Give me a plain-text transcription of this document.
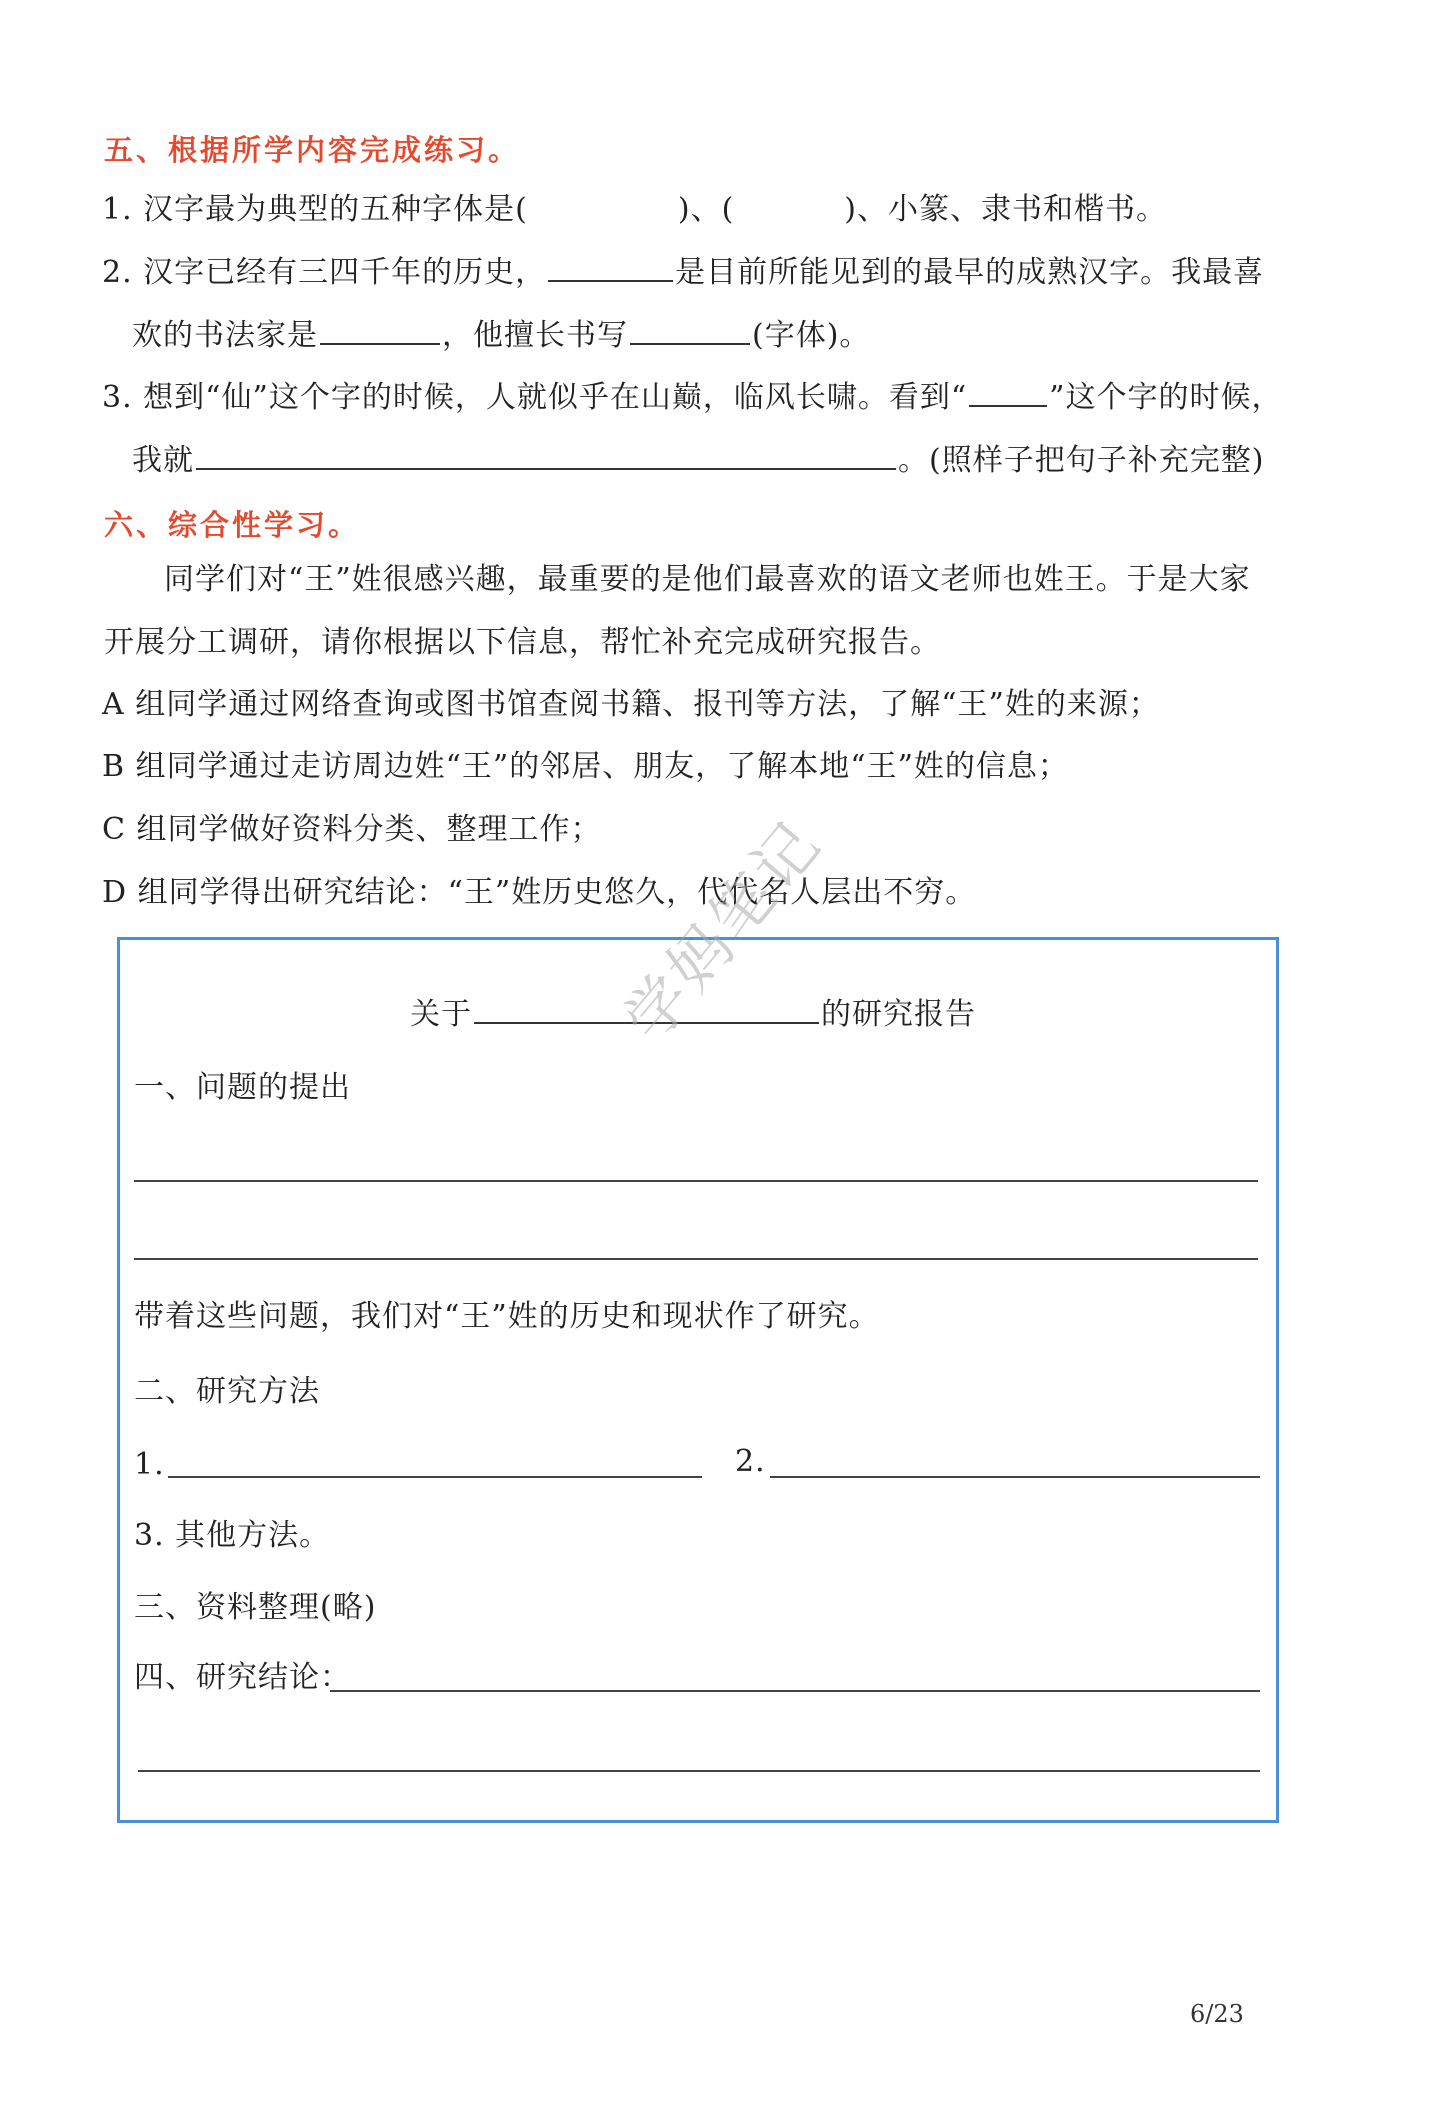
五、根据所学内容完成练习。
1. 汉字最为典型的五种字体是(	)、(	)、小篆、隶书和楷书。
2. 汉字已经有三四千年的历史，	是目前所能见到的最早的成熟汉字。我最喜
欢的书法家是	，他擅长书写	(字体)。
3. 想到“仙”这个字的时候，人就似乎在山巅，临风长啸。看到“	”这个字的时候，
我就	。(照样子把句子补充完整)
六、综合性学习。
同学们对“王”姓很感兴趣，最重要的是他们最喜欢的语文老师也姓王。于是大家
开展分工调研，请你根据以下信息，帮忙补充完成研究报告。
A 组同学通过网络查询或图书馆查阅书籍、报刊等方法，了解“王”姓的来源；
B 组同学通过走访周边姓“王”的邻居、朋友，了解本地“王”姓的信息；
C 组同学做好资料分类、整理工作；
D 组同学得出研究结论：“王”姓历史悠久，代代名人层出不穷。
关于	的研究报告
一、问题的提出
带着这些问题，我们对“王”姓的历史和现状作了研究。
二、研究方法
1.	2.
3. 其他方法。
三、资料整理(略)
四、研究结论：
学妈笔记
6/23
